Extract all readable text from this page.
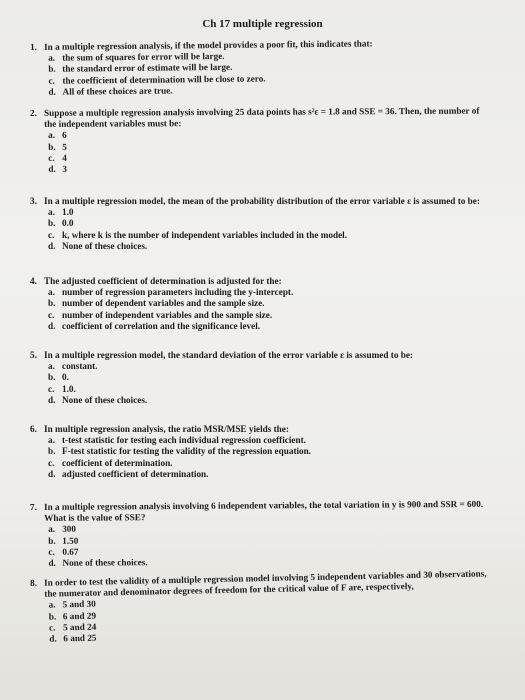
Ch 17 multiple regression
1. In a multiple regression analysis, if the model provides a poor fit, this indicates that:
a. the sum of squares for error will be large.
b. the standard error of estimate will be large.
c. the coefficient of determination will be close to zero.
d. All of these choices are true.
2. Suppose a multiple regression analysis involving 25 data points has s²ε = 1.8 and SSE = 36. Then, the number of the independent variables must be:
a. 6
b. 5
c. 4
d. 3
3. In a multiple regression model, the mean of the probability distribution of the error variable ε is assumed to be:
a. 1.0
b. 0.0
c. k, where k is the number of independent variables included in the model.
d. None of these choices.
4. The adjusted coefficient of determination is adjusted for the:
a. number of regression parameters including the y-intercept.
b. number of dependent variables and the sample size.
c. number of independent variables and the sample size.
d. coefficient of correlation and the significance level.
5. In a multiple regression model, the standard deviation of the error variable ε is assumed to be:
a. constant.
b. 0.
c. 1.0.
d. None of these choices.
6. In multiple regression analysis, the ratio MSR/MSE yields the:
a. t-test statistic for testing each individual regression coefficient.
b. F-test statistic for testing the validity of the regression equation.
c. coefficient of determination.
d. adjusted coefficient of determination.
7. In a multiple regression analysis involving 6 independent variables, the total variation in y is 900 and SSR = 600. What is the value of SSE?
a. 300
b. 1.50
c. 0.67
d. None of these choices.
8. In order to test the validity of a multiple regression model involving 5 independent variables and 30 observations, the numerator and denominator degrees of freedom for the critical value of F are, respectively,
a. 5 and 30
b. 6 and 29
c. 5 and 24
d. 6 and 25
